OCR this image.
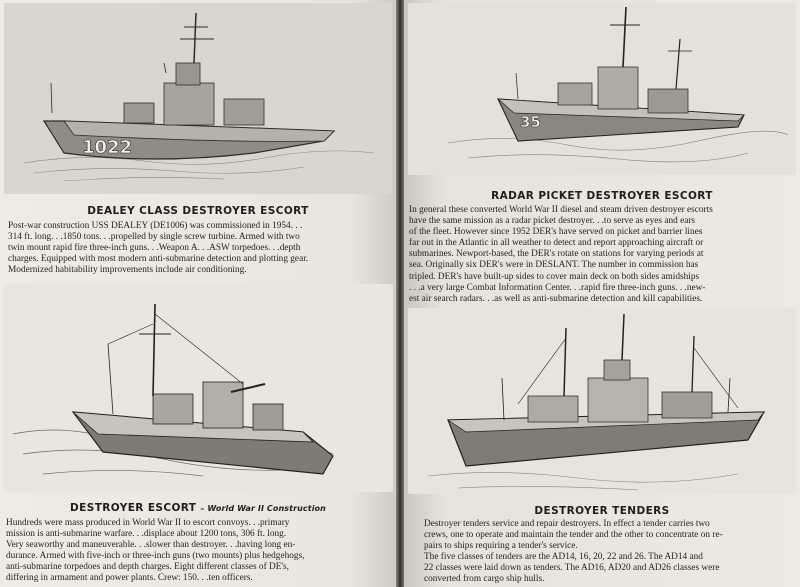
1022
DEALEY CLASS DESTROYER ESCORT
Post-war construction USS DEALEY (DE1006) was commissioned in 1954. . .
314 ft. long. . .1850 tons. . .propelled by single screw turbine. Armed with two
twin mount rapid fire three-inch guns. . .Weapon A. . .ASW torpedoes. . .depth
charges. Equipped with most modern anti-submarine detection and plotting gear.
Modernized habitability improvements include air conditioning.
DESTROYER ESCORT – World War II Construction
Hundreds were mass produced in World War II to escort convoys. . .primary
mission is anti-submarine warfare. . .displace about 1200 tons, 306 ft. long.
Very seaworthy and maneuverable. . .slower than destroyer. . .having long en-
durance. Armed with five-inch or three-inch guns (two mounts) plus hedgehogs,
anti-submarine torpedoes and depth charges. Eight different classes of DE's,
differing in armament and power plants. Crew: 150. . .ten officers.
35
RADAR PICKET DESTROYER ESCORT
In general these converted World War II diesel and steam driven destroyer escorts
have the same mission as a radar picket destroyer. . .to serve as eyes and ears
of the fleet. However since 1952 DER's have served on picket and barrier lines
far out in the Atlantic in all weather to detect and report approaching aircraft or
submarines. Newport-based, the DER's rotate on stations for varying periods at
sea. Originally six DER's were in DESLANT. The number in commission has
tripled. DER's have built-up sides to cover main deck on both sides amidships
. . .a very large Combat Information Center. . .rapid fire three-inch guns. . .new-
est air search radars. . .as well as anti-submarine detection and kill capabilities.
DESTROYER TENDERS
Destroyer tenders service and repair destroyers. In effect a tender carries two
crews, one to operate and maintain the tender and the other to concentrate on re-
pairs to ships requiring a tender's service.
The five classes of tenders are the AD14, 16, 20, 22 and 26. The AD14 and
22 classes were laid down as tenders. The AD16, AD20 and AD26 classes were
converted from cargo ship hulls.
